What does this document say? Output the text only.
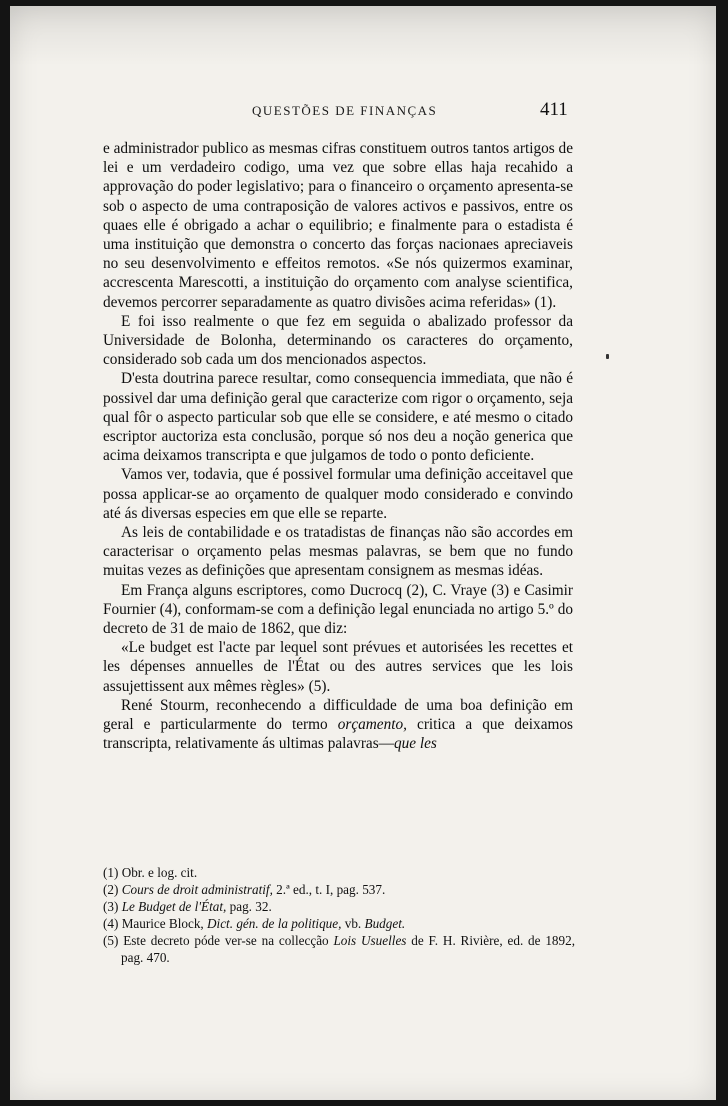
QUESTÕES DE FINANÇAS	411

e administrador publico as mesmas cifras constituem outros tantos artigos de lei e um verdadeiro codigo, uma vez que sobre ellas haja recahido a approvação do poder legislativo; para o financeiro o orçamento apresenta-se sob o aspecto de uma contraposição de valores activos e passivos, entre os quaes elle é obrigado a achar o equilibrio; e finalmente para o estadista é uma instituição que demonstra o concerto das forças nacionaes apreciaveis no seu desenvolvimento e effeitos remotos. «Se nós quizermos examinar, accrescenta Marescotti, a instituição do orçamento com analyse scientifica, devemos percorrer separadamente as quatro divisões acima referidas» (1).

E foi isso realmente o que fez em seguida o abalizado professor da Universidade de Bolonha, determinando os caracteres do orçamento, considerado sob cada um dos mencionados aspectos.

D'esta doutrina parece resultar, como consequencia immediata, que não é possivel dar uma definição geral que caracterize com rigor o orçamento, seja qual fôr o aspecto particular sob que elle se considere, e até mesmo o citado escriptor auctoriza esta conclusão, porque só nos deu a noção generica que acima deixamos transcripta e que julgamos de todo o ponto deficiente.

Vamos ver, todavia, que é possivel formular uma definição acceitavel que possa applicar-se ao orçamento de qualquer modo considerado e convindo até ás diversas especies em que elle se reparte.

As leis de contabilidade e os tratadistas de finanças não são accordes em caracterisar o orçamento pelas mesmas palavras, se bem que no fundo muitas vezes as definições que apresentam consignem as mesmas idéas.

Em França alguns escriptores, como Ducrocq (2), C. Vraye (3) e Casimir Fournier (4), conformam-se com a definição legal enunciada no artigo 5.º do decreto de 31 de maio de 1862, que diz:

«Le budget est l'acte par lequel sont prévues et autorisées les recettes et les dépenses annuelles de l'État ou des autres services que les lois assujettissent aux mêmes règles» (5).

René Stourm, reconhecendo a difficuldade de uma boa definição em geral e particularmente do termo orçamento, critica a que deixamos transcripta, relativamente ás ultimas palavras—que les

(1) Obr. e log. cit.
(2) Cours de droit administratif, 2.ª ed., t. I, pag. 537.
(3) Le Budget de l'État, pag. 32.
(4) Maurice Block, Dict. gén. de la politique, vb. Budget.
(5) Este decreto póde ver-se na collecção Lois Usuelles de F. H. Rivière, ed. de 1892, pag. 470.
